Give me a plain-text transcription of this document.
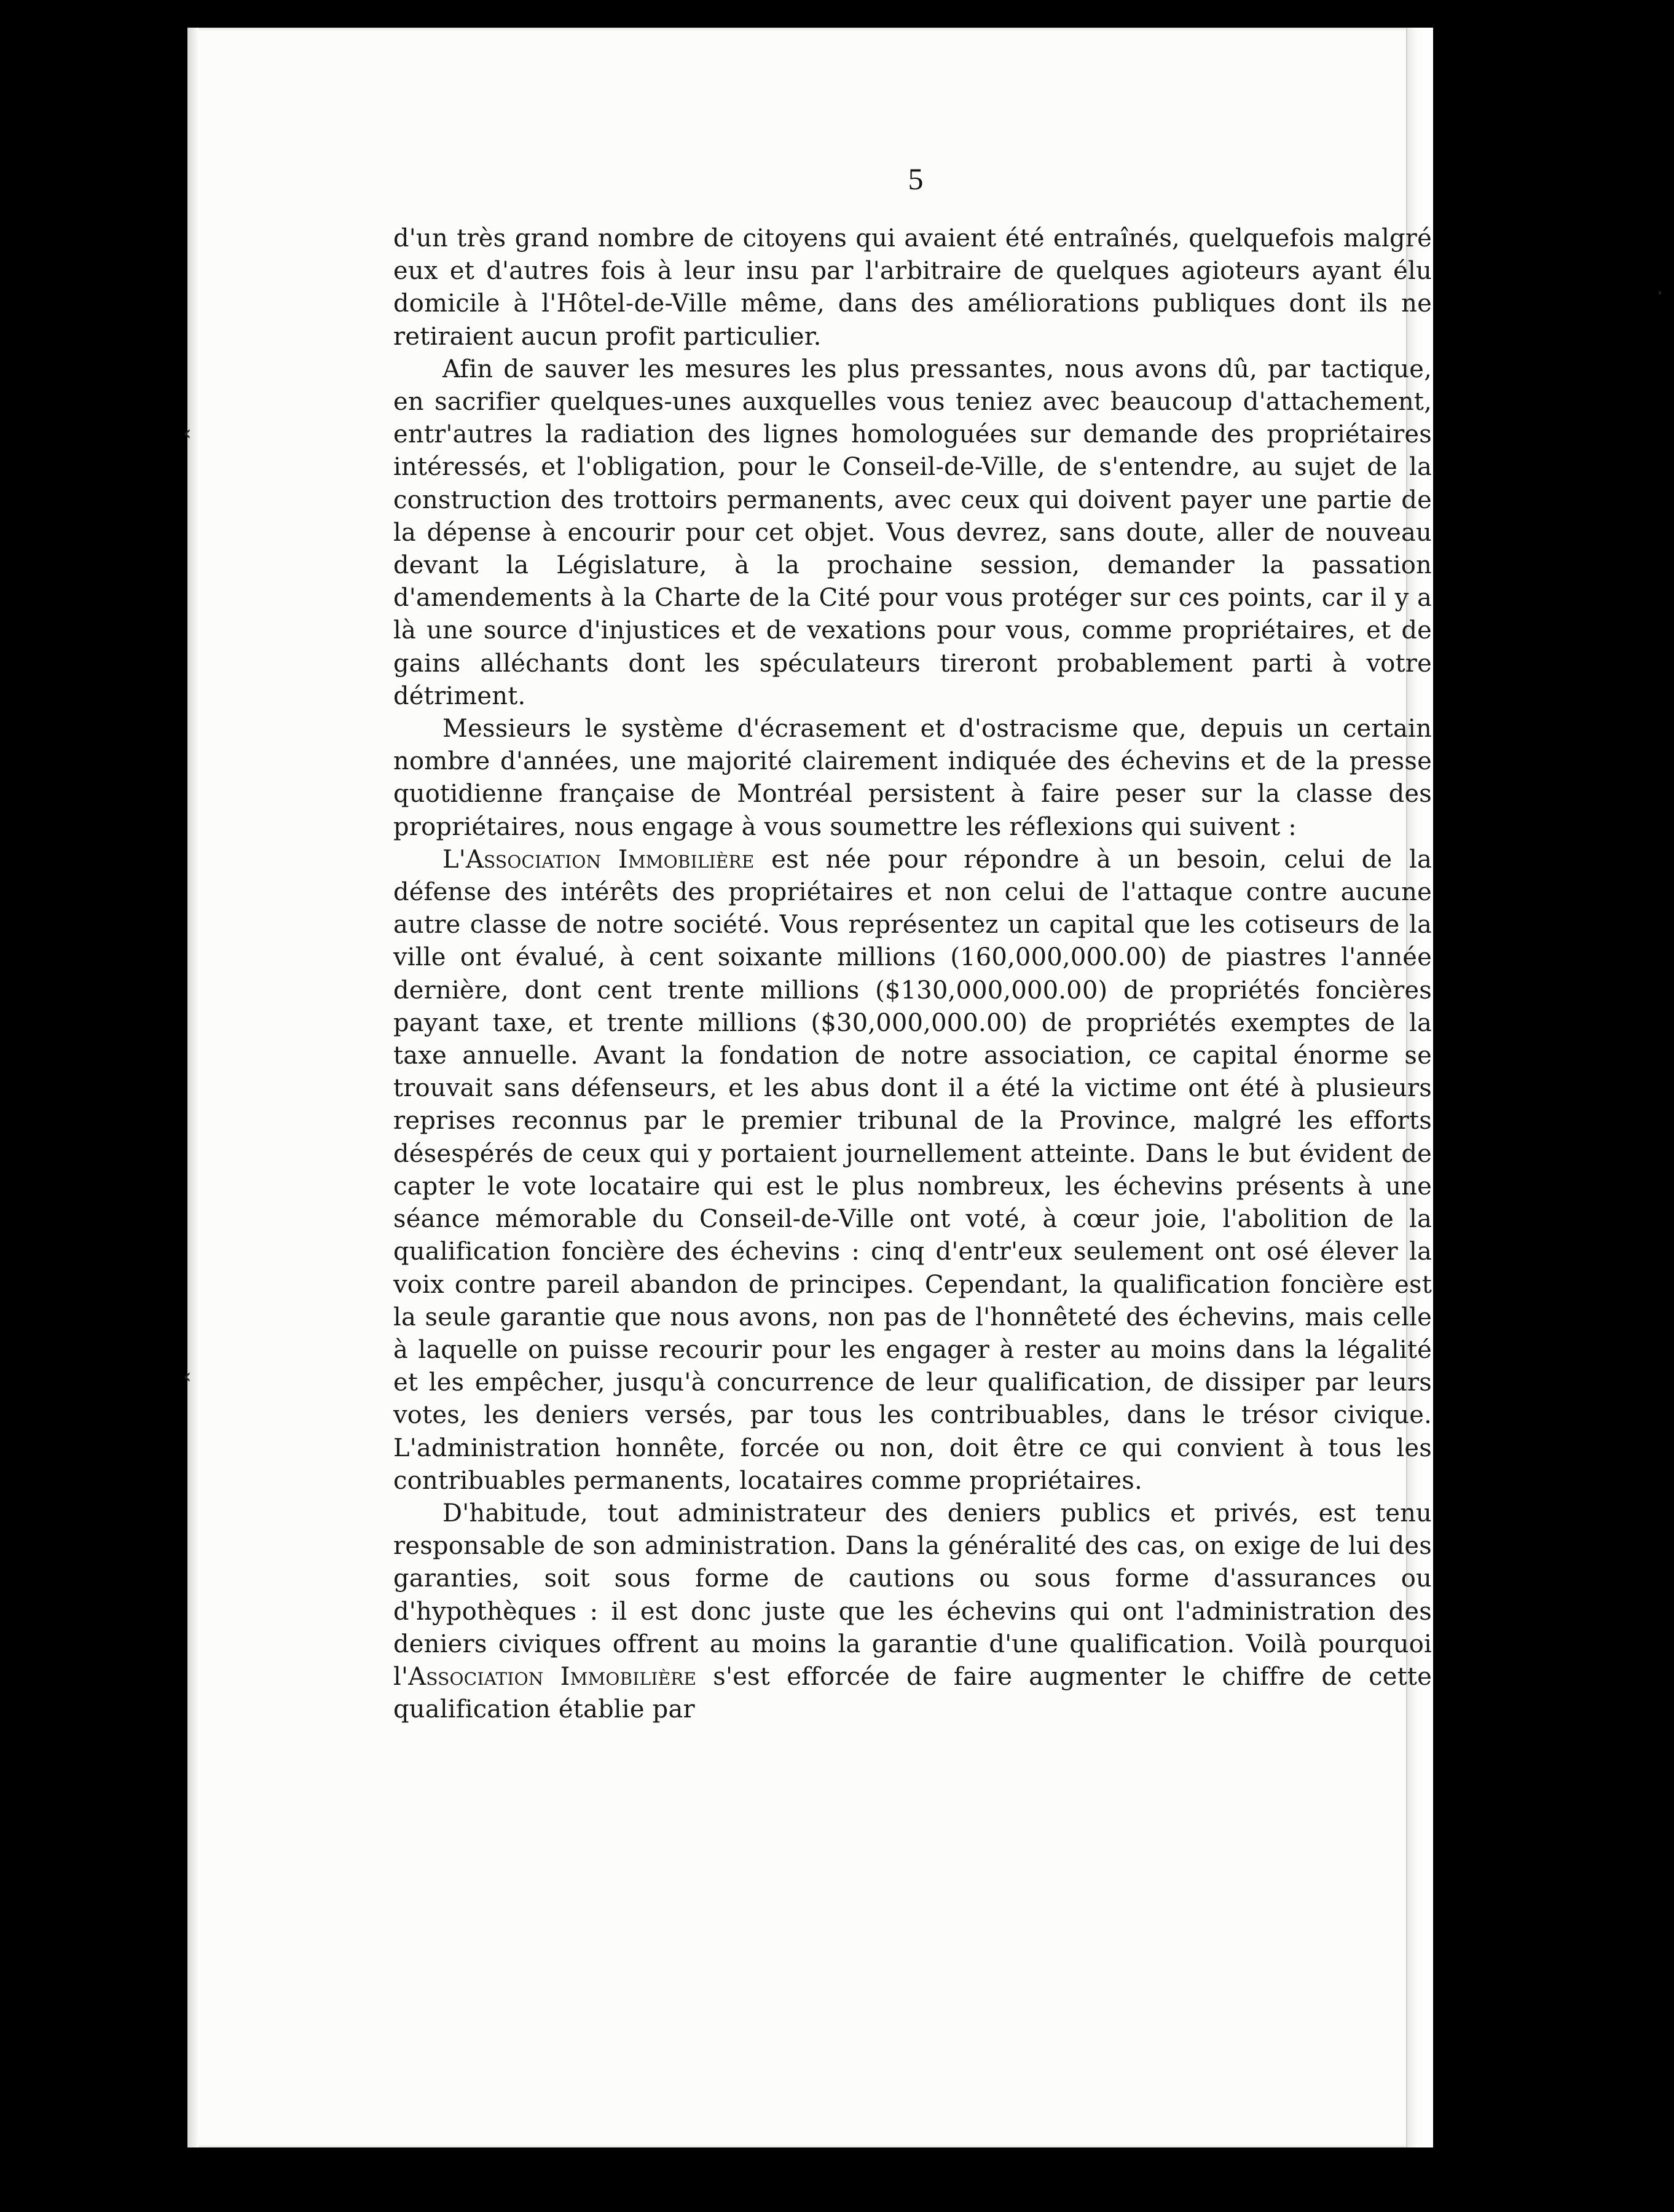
·
‹
‹
5

d'un très grand nombre de citoyens qui avaient été entraînés, quelquefois malgré eux et d'autres fois à leur insu par l'arbitraire de quelques agioteurs ayant élu domicile à l'Hôtel-de-Ville même, dans des améliorations publiques dont ils ne retiraient aucun profit particulier.

Afin de sauver les mesures les plus pressantes, nous avons dû, par tactique, en sacrifier quelques-unes auxquelles vous teniez avec beaucoup d'attachement, entr'autres la radiation des lignes homologuées sur demande des propriétaires intéressés, et l'obligation, pour le Conseil-de-Ville, de s'entendre, au sujet de la construction des trottoirs permanents, avec ceux qui doivent payer une partie de la dépense à encourir pour cet objet. Vous devrez, sans doute, aller de nouveau devant la Législature, à la prochaine session, demander la passation d'amendements à la Charte de la Cité pour vous protéger sur ces points, car il y a là une source d'injustices et de vexations pour vous, comme propriétaires, et de gains alléchants dont les spéculateurs tireront probablement parti à votre détriment.

Messieurs le système d'écrasement et d'ostracisme que, depuis un certain nombre d'années, une majorité clairement indiquée des échevins et de la presse quotidienne française de Montréal persistent à faire peser sur la classe des propriétaires, nous engage à vous soumettre les réflexions qui suivent :

L'Association Immobilière est née pour répondre à un besoin, celui de la défense des intérêts des propriétaires et non celui de l'attaque contre aucune autre classe de notre société. Vous représentez un capital que les cotiseurs de la ville ont évalué, à cent soixante millions (160,000,000.00) de piastres l'année dernière, dont cent trente millions ($130,000,000.00) de propriétés foncières payant taxe, et trente millions ($30,000,000.00) de propriétés exemptes de la taxe annuelle. Avant la fondation de notre association, ce capital énorme se trouvait sans défenseurs, et les abus dont il a été la victime ont été à plusieurs reprises reconnus par le premier tribunal de la Province, malgré les efforts désespérés de ceux qui y portaient journellement atteinte. Dans le but évident de capter le vote locataire qui est le plus nombreux, les échevins présents à une séance mémorable du Conseil-de-Ville ont voté, à cœur joie, l'abolition de la qualification foncière des échevins : cinq d'entr'eux seulement ont osé élever la voix contre pareil abandon de principes. Cependant, la qualification foncière est la seule garantie que nous avons, non pas de l'honnêteté des échevins, mais celle à laquelle on puisse recourir pour les engager à rester au moins dans la légalité et les empêcher, jusqu'à concurrence de leur qualification, de dissiper par leurs votes, les deniers versés, par tous les contribuables, dans le trésor civique. L'administration honnête, forcée ou non, doit être ce qui convient à tous les contribuables permanents, locataires comme propriétaires.

D'habitude, tout administrateur des deniers publics et privés, est tenu responsable de son administration. Dans la généralité des cas, on exige de lui des garanties, soit sous forme de cautions ou sous forme d'assurances ou d'hypothèques : il est donc juste que les échevins qui ont l'administration des deniers civiques offrent au moins la garantie d'une qualification. Voilà pourquoi l'Association Immobilière s'est efforcée de faire augmenter le chiffre de cette qualification établie par
